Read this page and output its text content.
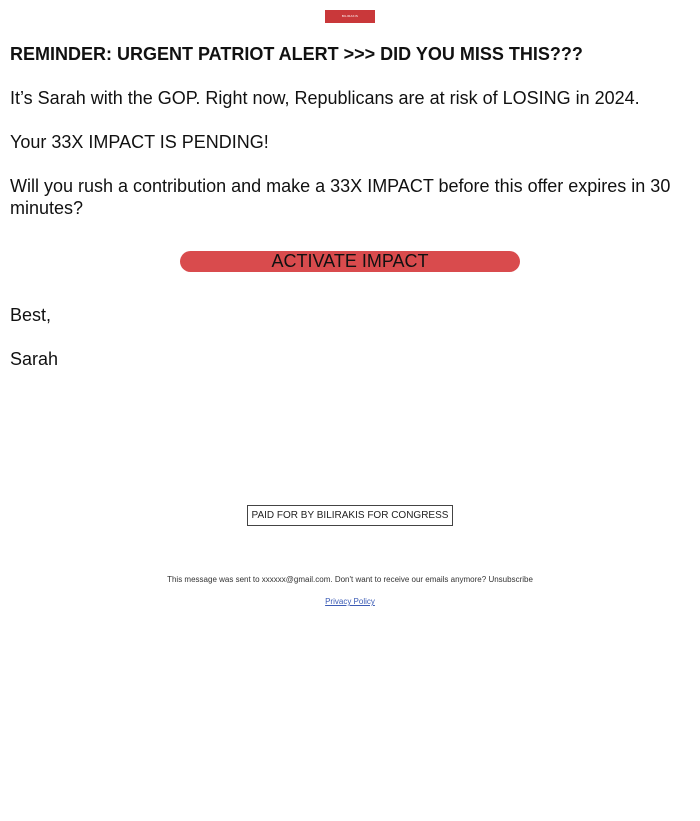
BILIRAKIS
REMINDER: URGENT PATRIOT ALERT >>> DID YOU MISS THIS???

It’s Sarah with the GOP. Right now, Republicans are at risk of LOSING in 2024.

Your 33X IMPACT IS PENDING!

Will you rush a contribution and make a 33X IMPACT before this offer expires in 30 minutes?

ACTIVATE IMPACT

Best,

Sarah

PAID FOR BY BILIRAKIS FOR CONGRESS
This message was sent to xxxxxx@gmail.com. Don't want to receive our emails anymore? Unsubscribe
Privacy Policy
